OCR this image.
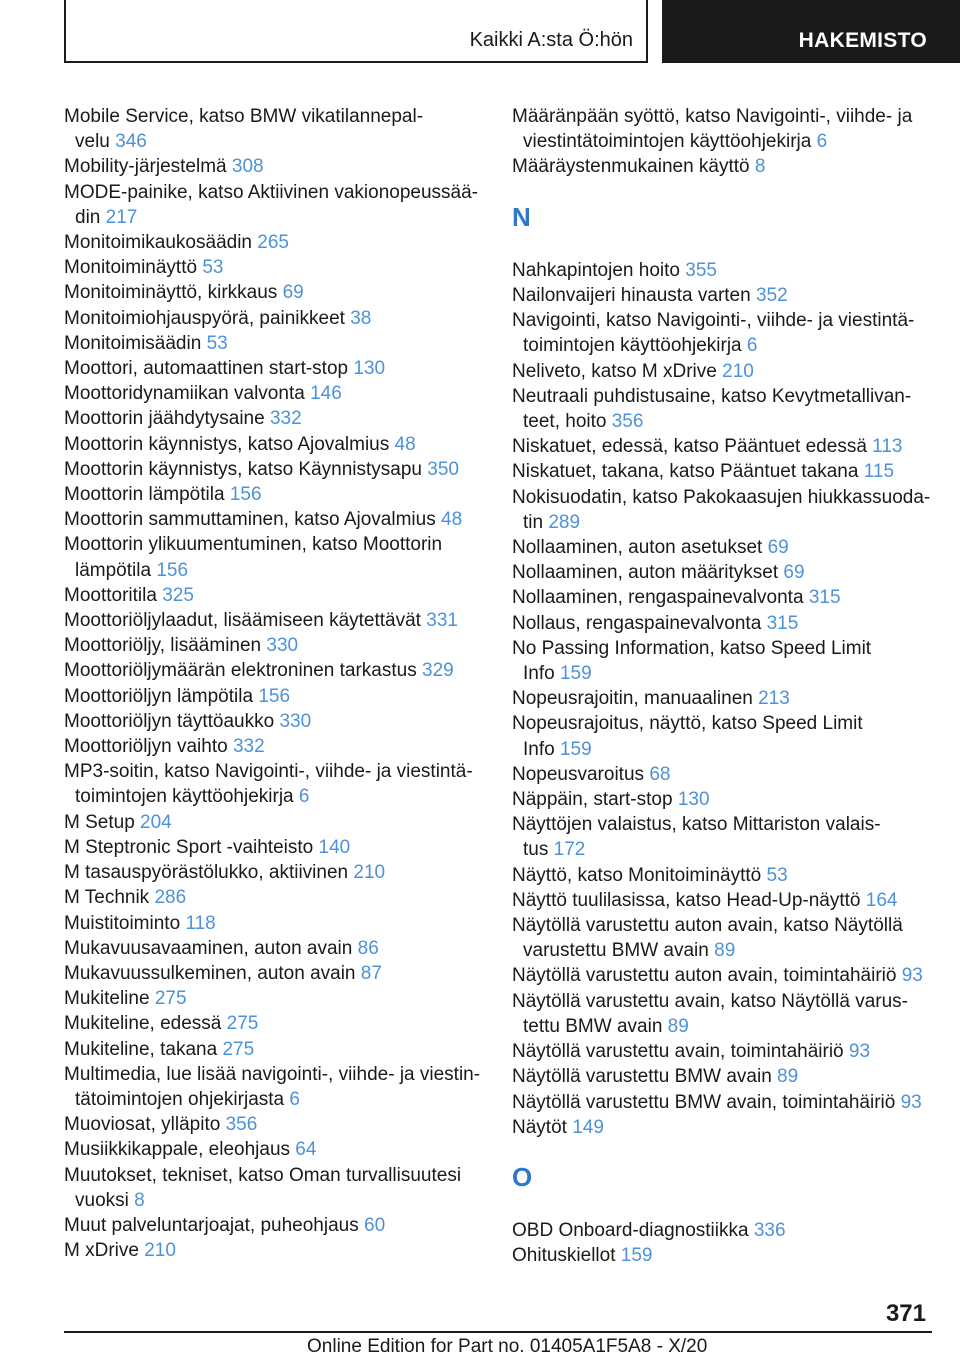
Kaikki A:sta Ö:hön	HAKEMISTO
Mobile Service, katso BMW vikatilannepal-
velu 346
Mobility-järjestelmä 308
MODE-painike, katso Aktiivinen vakionopeussää-
din 217
Monitoimikaukosäädin 265
Monitoiminäyttö 53
Monitoiminäyttö, kirkkaus 69
Monitoimiohjauspyörä, painikkeet 38
Monitoimisäädin 53
Moottori, automaattinen start-stop 130
Moottoridynamiikan valvonta 146
Moottorin jäähdytysaine 332
Moottorin käynnistys, katso Ajovalmius 48
Moottorin käynnistys, katso Käynnistysapu 350
Moottorin lämpötila 156
Moottorin sammuttaminen, katso Ajovalmius 48
Moottorin ylikuumentuminen, katso Moottorin
lämpötila 156
Moottoritila 325
Moottoriöljylaadut, lisäämiseen käytettävät 331
Moottoriöljy, lisääminen 330
Moottoriöljymäärän elektroninen tarkastus 329
Moottoriöljyn lämpötila 156
Moottoriöljyn täyttöaukko 330
Moottoriöljyn vaihto 332
MP3-soitin, katso Navigointi-, viihde- ja viestintä-
toimintojen käyttöohjekirja 6
M Setup 204
M Steptronic Sport -vaihteisto 140
M tasauspyörästölukko, aktiivinen 210
M Technik 286
Muistitoiminto 118
Mukavuusavaaminen, auton avain 86
Mukavuussulkeminen, auton avain 87
Mukiteline 275
Mukiteline, edessä 275
Mukiteline, takana 275
Multimedia, lue lisää navigointi-, viihde- ja viestin-
tätoimintojen ohjekirjasta 6
Muoviosat, ylläpito 356
Musiikkikappale, eleohjaus 64
Muutokset, tekniset, katso Oman turvallisuutesi
vuoksi 8
Muut palveluntarjoajat, puheohjaus 60
M xDrive 210
Määränpään syöttö, katso Navigointi-, viihde- ja
viestintätoimintojen käyttöohjekirja 6
Määräystenmukainen käyttö 8
N
Nahkapintojen hoito 355
Nailonvaijeri hinausta varten 352
Navigointi, katso Navigointi-, viihde- ja viestintä-
toimintojen käyttöohjekirja 6
Neliveto, katso M xDrive 210
Neutraali puhdistusaine, katso Kevytmetallivan-
teet, hoito 356
Niskatuet, edessä, katso Pääntuet edessä 113
Niskatuet, takana, katso Pääntuet takana 115
Nokisuodatin, katso Pakokaasujen hiukkassuoda-
tin 289
Nollaaminen, auton asetukset 69
Nollaaminen, auton määritykset 69
Nollaaminen, rengaspainevalvonta 315
Nollaus, rengaspainevalvonta 315
No Passing Information, katso Speed Limit
Info 159
Nopeusrajoitin, manuaalinen 213
Nopeusrajoitus, näyttö, katso Speed Limit
Info 159
Nopeusvaroitus 68
Näppäin, start-stop 130
Näyttöjen valaistus, katso Mittariston valais-
tus 172
Näyttö, katso Monitoiminäyttö 53
Näyttö tuulilasissa, katso Head-Up-näyttö 164
Näytöllä varustettu auton avain, katso Näytöllä
varustettu BMW avain 89
Näytöllä varustettu auton avain, toimintahäiriö 93
Näytöllä varustettu avain, katso Näytöllä varus-
tettu BMW avain 89
Näytöllä varustettu avain, toimintahäiriö 93
Näytöllä varustettu BMW avain 89
Näytöllä varustettu BMW avain, toimintahäiriö 93
Näytöt 149
O
OBD Onboard-diagnostiikka 336
Ohituskiellot 159
371
Online Edition for Part no. 01405A1F5A8 - X/20
